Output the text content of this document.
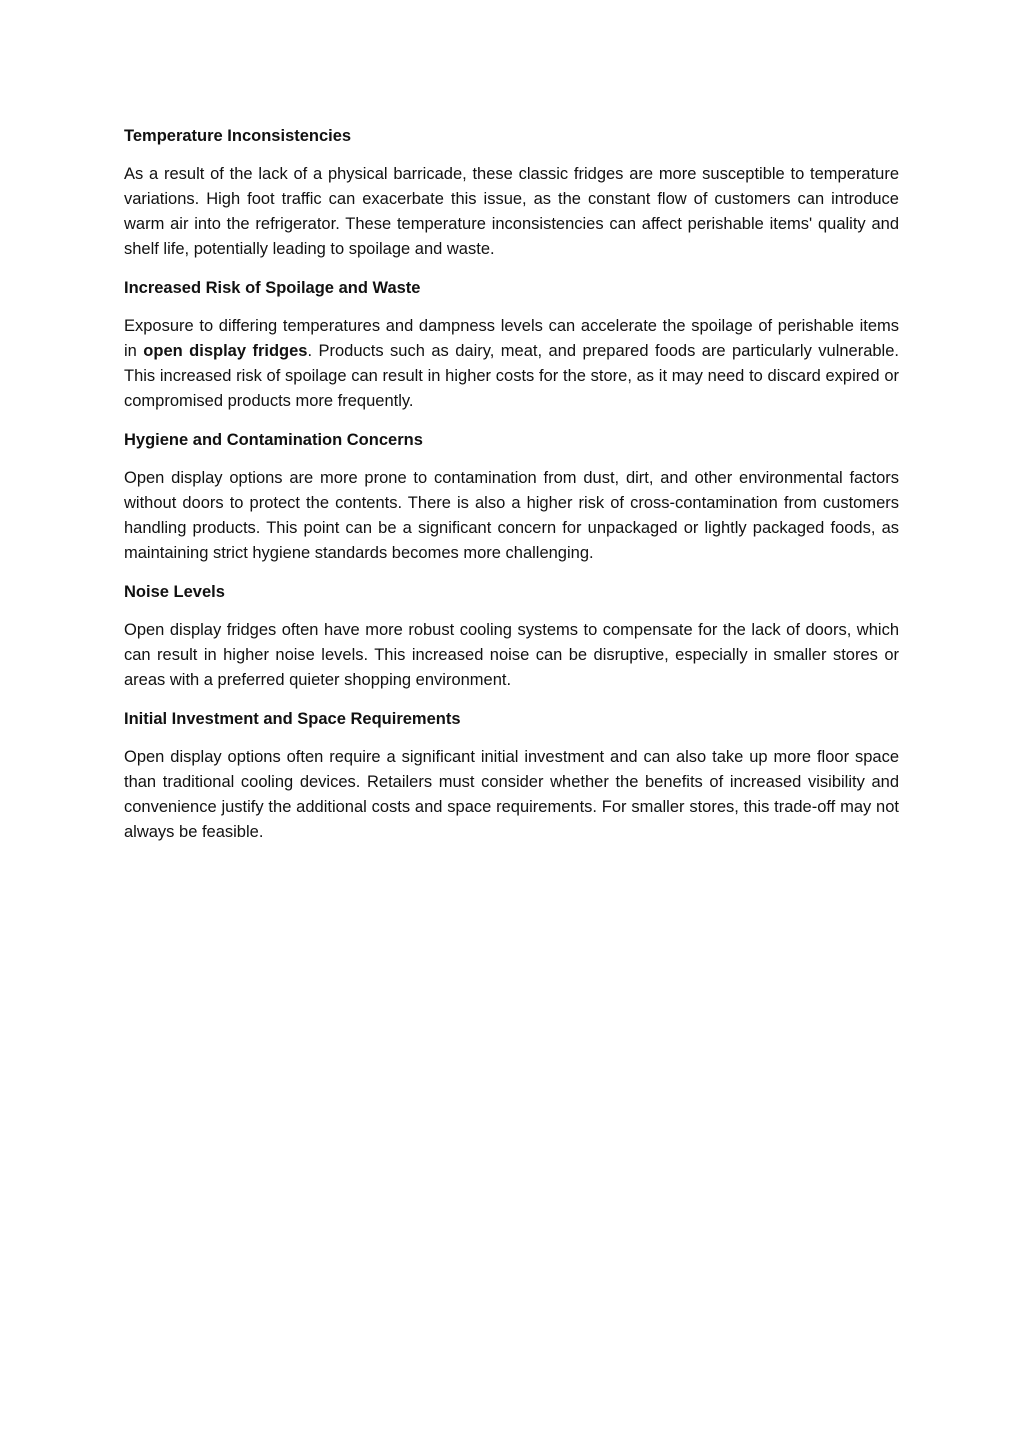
Temperature Inconsistencies

As a result of the lack of a physical barricade, these classic fridges are more susceptible to temperature variations. High foot traffic can exacerbate this issue, as the constant flow of customers can introduce warm air into the refrigerator. These temperature inconsistencies can affect perishable items' quality and shelf life, potentially leading to spoilage and waste.

Increased Risk of Spoilage and Waste

Exposure to differing temperatures and dampness levels can accelerate the spoilage of perishable items in open display fridges. Products such as dairy, meat, and prepared foods are particularly vulnerable. This increased risk of spoilage can result in higher costs for the store, as it may need to discard expired or compromised products more frequently.

Hygiene and Contamination Concerns

Open display options are more prone to contamination from dust, dirt, and other environmental factors without doors to protect the contents. There is also a higher risk of cross-contamination from customers handling products. This point can be a significant concern for unpackaged or lightly packaged foods, as maintaining strict hygiene standards becomes more challenging.

Noise Levels

Open display fridges often have more robust cooling systems to compensate for the lack of doors, which can result in higher noise levels. This increased noise can be disruptive, especially in smaller stores or areas with a preferred quieter shopping environment.

Initial Investment and Space Requirements

Open display options often require a significant initial investment and can also take up more floor space than traditional cooling devices. Retailers must consider whether the benefits of increased visibility and convenience justify the additional costs and space requirements. For smaller stores, this trade-off may not always be feasible.
